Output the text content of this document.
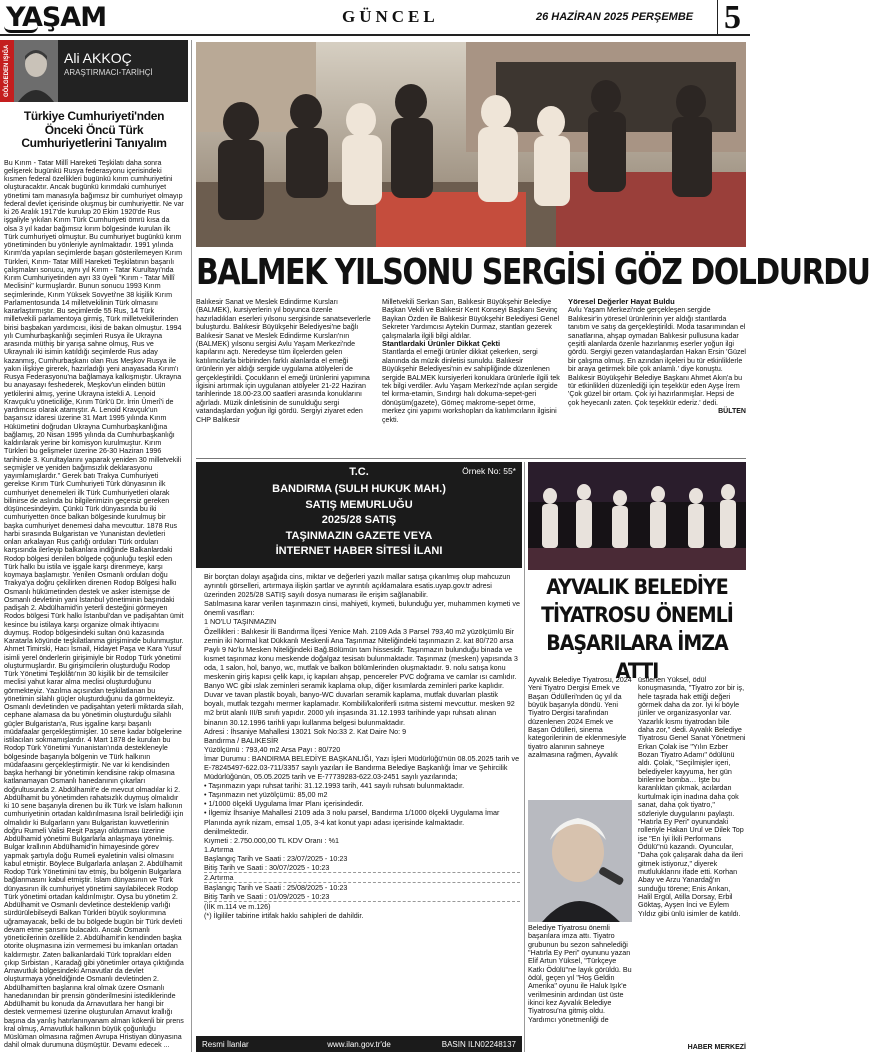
YAŞAM	GÜNCEL	26 HAZİRAN 2025 PERŞEMBE 5
GÖLGEDEN IŞIĞA	Ali AKKOÇ
ARAŞTIRMACI-TARİHÇİ
Türkiye Cumhuriyeti'nden Önceki Öncü Türk Cumhuriyetlerini Tanıyalım
Bu Kırım - Tatar Millî Hareketi Teşkilatı daha sonra gelişerek bugünkü Rusya federasyonu içerisindeki kısmen federal özellikleri bugünkü kırım cumhuriyetini oluşturacaktır. Ancak bugünkü kırımdaki cumhuriyet yönetimi tam manasıyla bağımsız bir cumhuriyet olmayıp federal devlet içerisinde oluşmuş bir cumhuriyettir. Ne var ki 26 Aralık 1917'de kurulup 20 Ekim 1920'de Rus işgaliyle yıkılan Kırım Türk Cumhuriyeti ömrü kısa da olsa 3 yıl kadar bağımsız kırım bölgesinde kurulan ilk Türk cumhuriyeti olmuştur. Bu cumhuriyet bugünkü kırım yönetiminden bu yönleriyle ayrılmaktadır. 1991 yılında Kırım'da yapılan seçimlerde başarı gösterilemeyen Kırım Türkleri, Kırım- Tatar Millî Hareketi Teşkilatının başarılı çalışmaları sonucu, aynı yıl Kırım - Tatar Kurultayı'nda Kırım Cumhuriyetinden ayrı 33 üyeli "Kırım - Tatar Millî Meclisini" kurmuşlardır. Bunun sonucu 1993 Kırım seçimlerinde, Kırım Yüksek Sovyeti'ne 38 kişilik Kırım Parlamentosunda 14 milletvekilinin Türk olmasını kararlaştırmıştır. Bu seçimlerde 55 Rus, 14 Türk milletvekili parlamentoya girmiş, Türk milletvekillerinden birisi başbakan yardımcısı, ikisi de bakan olmuştur. 1994 yılı Cumhurbaşkanlığı seçimleri Rusya ile Ukrayna arasında müthiş bir yarışa sahne olmuş, Rus ve Ukraynalı iki isimin katıldığı seçimlerde Rus aday kazanmış, Cumhurbaşkanı olan Rus Meşkov Rusya ile yakın ilişkiye girerek, hazırladığı yeni anayasada Kırım'ı Rusya Federasyonu'na bağlamaya kalkışmıştır. Ukrayna bu anayasayı feshederek, Meşkov'un elinden bütün yetkilerini almış, yerine Ukrayna istekli A. Lenoid Kravçuk'u yöneticiliğe, Kırım Türk'ü Dr. İrrin Ümerî'i de yardımcısı olarak atamıştır. A. Lenoid Kravçuk'un başarısız idaresi üzerine 31 Mart 1995 yılında Kırım Hükümetini doğrudan Ukrayna Cumhurbaşkanlığına bağlamış, 20 Nisan 1995 yılında da Cumhurbaşkanlığı kaldırılarak yerine bir komisyon kurulmuştur. Kırım Türkleri bu gelişmeler üzerine 26-30 Haziran 1996 tarihinde 3. Kurultaylarını yaparak yeniden 30 milletvekili seçmişler ve yeniden bağımsızlık deklarasyonu yayımlamışlardır." Gerek batı Trakya Cumhuriyeti gerekse Kırım Türk Cumhuriyeti Türk dünyasının ilk cumhuriyet denemeleri ilk Türk Cumhuriyetleri olarak bilinirse de aslında bu bilgilerimizin geçersiz gereken düşüncesindeyim. Çünkü Türk dünyasında bu iki cumhuriyetten önce balkan bölgesinde kurulmuş bir başka cumhuriyet denemesi daha mevcuttur. 1878 Rus harbi sırasında Bulgaristan ve Yunanistan devletleri onları arkalayan Rus çarlığı orduları Türk orduları karşısında ilerleyip balkanlara indiğinde Balkanlardaki Rodop bölgesi denilen bölgede çoğunluğu teşkil eden Türk halkı bu istila ve işgale karşı direnmeye, karşı koymaya başlamıştır. Yenilen Osmanlı orduları doğu Trakya'ya doğru çekilirken direnen Rodop Bölgesi halkı Osmanlı hükümetinden destek ve asker istemişse de Osmanlı devletinin yani İstanbul yönetiminin başındaki padişah 2. Abdülhamid'in yeterli desteğini görmeyen Rodos bölgesi Türk halkı İstanbul'dan ve padişahtan ümit kesince bu istilaya karşı organize olmak ihtiyacını duymuş. Rodop bölgesindeki sultan önü kazasında Karatarla köyünde teşkilatlanma girişiminde bulunmuştur. Ahmet Timirski, Hacı İsmail, Hidayet Paşa ve Kara Yusuf isimli yerel önderlerin girişimiyle bir Rodop Türk yönetimi oluşturmuşlardır. Bu girişimcilerin oluşturduğu Rodop Türk Yönetimi Teşkilâtı'nın 30 kişilik bir de temsilciler meclisi yahut karar alma meclisi oluşturduğunu görmekteyiz. Yazılma açısından teşkilatlanan bu yönetimin silahlı güçler oluşturduğunu da görmekteyiz. Osmanlı devletinden ve padişahtan yeterli miktarda silah, cephane alamasa da bu yönetimin oluşturduğu silahlı güçler Bulgaristan'a, Rus işgaline karşı başarılı müdafaalar gerçekleştirmişler. 10 sene kadar bölgelerine istilacıları sokmamışlardır. 4 Mart 1878 de kurulan bu Rodop Türk Yönetimi Yunanistan'ında destekleneyle bölgesinde başarıyla bölgenin ve Türk halkının müdafaasını gerçekleştirmiştir. Ne var ki kendisinden başka herhangi bir yönetimin kendisine rakip olmasına katlanamayan Osmanlı hanedanının çıkarları doğrultusunda 2. Abdülhamit'e de mevcut olmadılar ki 2. Abdülhamit bu yönetimden rahatsızlık duymuş olmalıdır ki 10 sene başarıyla direnen bu ilk Türk ve İslam halkının cumhuriyetinin ortadan kaldırılmasına İsrail belirlediği için olmalıdır ki Bulgarların yanı Bulgaristan kuvvetlerinin doğru Rumeli Valisi Reşit Paşayı oldurması üzerine Abdülhamid yönetimi Bulgarlarla anlaşmaya yönelmiş. Bulgar krallının Abdülhamid'in himayesinde görev yapmak şartıyla doğu Rumeli eyaletinin valisi olmasını kabul etmiştir. Böylece Bulgarlarla anlaşan 2. Abdülhamit Rodop Türk Yönetimini tav etmiş, bu bölgenin Bulgarlara bağlanmasını kabul etmiştir. İslam dünyasının ve Türk dünyasının ilk cumhuriyet yönetimi sayılabilecek Rodop Türk yönetimi ortadan kaldırılmıştır. Oysa bu yönetim 2. Abdülhamit ve Osmanlı devletince desteklenip varlığı sürdürülebilseydi Balkan Türkleri büyük soykırımına uğramayacak, belki de bu bölgede bugün bir Türk devleti devam etme şansını bulacaktı. Ancak Osmanlı yöneticilerinin özellikle 2. Abdülhamit'in kendinden başka otorite oluşmasına izin vermemesi bu imkanları ortadan kaldırmıştır. Zaten balkanlardaki Türk toprakları elden çıkıp Sırbistan , Karadağ gibi yönetimler ortaya çıktığında Arnavutluk bölgesindeki Arnavutlar da devlet oluşturmaya yöneldiğinde Osmanlı devletinden 2. Abdülhamit'ten başlarına kral olmak üzere Osmanlı hanedanından bir prensin gönderilmesini istediklerinde Abdülhamit bu konuda da Arnavutlara her hangi bir destek vermemesi üzerine oluşturulan Arnavut krallığı başına da yarılış hatırlanınyanam alman kökenli bir prens kral olmuş, Arnavutluk halkının büyük çoğunluğu Müslüman olmasına rağmen Avrupa Hristiyan dünyasına dahil olmak durumuna düşmüştür. Devamı edecek ...
BALMEK YILSONU SERGİSİ GÖZ DOLDURDU
Balıkesir Sanat ve Meslek Edindirme Kursları (BALMEK), kursiyerlerin yıl boyunca özenle hazırladıkları eserleri yılsonu sergisinde sanatseverlerle buluşturdu. Balıkesir Büyükşehir Belediyesi'ne bağlı Balıkesir Sanat ve Meslek Edindirme Kursları'nın (BALMEK) yılsonu sergisi Avlu Yaşam Merkezi'nde kapılarını açtı. Neredeyse tüm ilçelerden gelen katılımcılarla birbirinden farklı alanlarda el emeği ürünlerin yer aldığı sergide uygulama atölyeleri de gerçekleştirildi. Çocukların el emeği ürünlerini yapımına ilgisini artırmak için uygulanan atölyeler 21-22 Haziran tarihlerinde 18.00-23.00 saatleri arasında konuklarını ağırladı. Müzik dinletisinin de sunulduğu sergi vatandaşlardan yoğun ilgi gördü. Sergiyi ziyaret eden CHP Balıkesir
Milletvekili Serkan Sarı, Balıkesir Büyükşehir Belediye Başkan Vekili ve Balıkesir Kent Konseyi Başkanı Sevinç Baykan Özden ile Balıkesir Büyükşehir Belediyesi Genel Sekreter Yardımcısı Aytekin Durmaz, stantları gezerek çalışmalarla ilgili bilgi aldılar.
Stantlardaki Ürünler Dikkat Çekti
Stantlarda el emeği ürünler dikkat çekerken, sergi alanında da müzik dinletisi sunuldu. Balıkesir Büyükşehir Belediyesi'nin ev sahipliğinde düzenlenen sergide BALMEK kursiyerleri konuklara ürünlerle ilgili tek tek bilgi verdiler. Avlu Yaşam Merkezi'nde açılan sergide tel kırma-etamin, Sındırgı halı dokuma-sepet-geri dönüşüm(gazete), Gömeç makrome-sepet örme, merkez çini yapımı workshopları da katılımcıların ilgisini çekti.
Yöresel Değerler Hayat Buldu
Avlu Yaşam Merkezi'nde gerçekleşen sergide Balıkesir'in yöresel ürünlerinin yer aldığı stantlarda tanıtım ve satış da gerçekleştirildi. Moda tasarımından el sanatlarına, ahşap oymadan Balıkesir pullusuna kadar çeşitli alanlarda özenle hazırlanmış eserler yoğun ilgi gördü. Sergiyi gezen vatandaşlardan Hakan Ersin 'Güzel bir çalışma olmuş. En azından ilçeleri bu tür etkinliklerle bir araya getirmek bile çok anlamlı.' diye konuştu. Balıkesir Büyükşehir Belediye Başkanı Ahmet Akın'a bu tür etkinlikleri düzenlediği için teşekkür eden Ayşe İrem 'Çok güzel bir ortam. Çok iyi hazırlanmışlar. Hepsi de çok heyecanlı zaten. Çok teşekkür ederiz.' dedi.
BÜLTEN
T.C.	Örnek No: 55*
BANDIRMA (SULH HUKUK MAH.)
SATIŞ MEMURLUĞU
2025/28 SATIŞ
TAŞINMAZIN GAZETE VEYA
İNTERNET HABER SİTESİ İLANI
Bir borçtan dolayı aşağıda cins, miktar ve değerleri yazılı mallar satışa çıkarılmış olup mahcuzun ayrıntılı görselleri, artırmaya ilişkin şartlar ve ayrıntılı açıklamalara esatis.uyap.gov.tr adresi üzerinden 2025/28 SATIŞ sayılı dosya numarası ile erişim sağlanabilir.
Satılmasına karar verilen taşınmazın cinsi, mahiyeti, kıymeti, bulunduğu yer, muhammen kıymeti ve önemli vasıfları:
1 NO'LU TAŞINMAZIN
Özellikleri : Balıkesir İli Bandırma İlçesi Yenice Mah. 2109 Ada 3 Parsel 793,40 m2 yüzölçümlü Bir zemin iki Normal kat Dükkanlı Meskenli Ana Taşınmaz Niteliğindeki taşınmazın 2. kat 80/720 arsa Paylı 9 No'lu Mesken Niteliğindeki Bağ.Bölümün tam hissesidir. Taşınmazın bulunduğu binada ve kısmet taşınmaz konu meskende doğalgaz tesisatı bulunmaktadır. Taşınmaz (mesken) yapısında 3 oda, 1 salon, hol, banyo, wc, mutfak ve balkon bölümlerinden oluşmaktadır. 9. nolu satışa konu meskenin giriş kapısı çelik kapı, iç kapıları ahşap, pencereler PVC doğrama ve camlar ısı camlıdır. Banyo WC gibi ıslak zeminleri seramik kaplama olup, diğer kısımlarda zeminleri parke kaplıdır. Duvar ve tavan plastik boyalı, banyo-WC duvarları seramik kaplama, mutfak duvarları plastik boyalı, mutfak tezgahı mermer kaplamadır. Kombili/kaloriferli ısıtma sistemi mevcuttur. mesken 92 m2 brüt alanlı III/B sınıfı yapıdır. 2000 yılı inşasında 31.12.1993 tarihinde yapı ruhsatı alınan binanın 30.12.1996 tarihli yapı kullanma belgesi bulunmaktadır.
Adresi : İhsaniye Mahallesi 13021 Sok No:33 2. Kat Daire No: 9
Bandırma / BALIKESİR
Yüzölçümü : 793,40 m2 Arsa Payı : 80/720
İmar Durumu : BANDIRMA BELEDİYE BAŞKANLIĞI, Yazı İşleri Müdürlüğü'nün 08.05.2025 tarih ve E-78245497-622.03-711/3357 sayılı yazıları ile Bandırma Belediye Başkanlığı İmar ve Şehircilik Müdürlüğünün, 05.05.2025 tarih ve E-77739283-622.03-2451 sayılı yazılarında;
• Taşınmazın yapı ruhsat tarihi: 31.12.1993 tarih, 441 sayılı ruhsatı bulunmaktadır.
• Taşınmazın net yüzölçümü: 85,00 m2
• 1/1000 ölçekli Uygulama İmar Planı içerisindedir.
• İlgemiz İhsaniye Mahallesi 2109 ada 3 nolu parsel, Bandırma 1/1000 ölçekli Uygulama İmar Planında ayrık nizam, emsal 1,05, 3-4 kat konut yapı adası içerisinde kalmaktadır.
denilmektedir.
Kıymeti : 2.750.000,00 TL KDV Oranı : %1
1.Artırma
Başlangıç Tarih ve Saati : 23/07/2025 - 10:23
Bitiş Tarih ve Saati : 30/07/2025 - 10:23
2.Artırma
Başlangıç Tarih ve Saati : 25/08/2025 - 10:23
Bitiş Tarih ve Saati : 01/09/2025 - 10:23
(İİK m.114 ve m.126)
(*) İlgililer tabirine irtifak hakkı sahipleri de dahildir.
Resmi İlanlar	www.ilan.gov.tr'de	BASIN ILN02248137
AYVALIK BELEDİYE TİYATROSU ÖNEMLİ BAŞARILARA İMZA ATTI
Ayvalık Belediye Tiyatrosu, 2024 Yeni Tiyatro Dergisi Emek ve Başarı Ödülleri'nden üç yıl da büyük başarıyla döndü. Yeni Tiyatro Dergisi tarafından düzenlenen 2024 Emek ve Başarı Ödülleri, sinema kategorilerinin de eklenmesiyle tiyatro alanının sahneye azalmasına rağmen, Ayvalık
Belediye Tiyatrosu önemli başarılara imza attı. Tiyatro grubunun bu sezon sahnelediği "Hatırla Ey Peri" oyununu yazan Elif Artun Yüksel, "Türkçeye Katkı Ödülü"ne layık görüldü. Bu ödül, geçen yıl "Hoş Geldin Amerika" oyunu ile Haluk Işık'e verilmesinin ardından üst üste ikinci kez Ayvalık Belediye Tiyatrosu'na gitmiş oldu. Yardımcı yönetmenliği de
üstlenen Yüksel, ödül konuşmasında, "Tiyatro zor bir iş, hele taşrada hak ettiği değeri görmek daha da zor. İyi ki böyle jüriler ve organizasyonlar var. Yazarlık kısmı tiyatrodan bile daha zor," dedi. Ayvalık Belediye Tiyatrosu Genel Sanat Yönetmeni Erkan Çolak ise "Yılın Ezber Bozan Tiyatro Adamı" ödülünü aldı. Çolak, "Seçilmişler içeri, belediyeler kayyuma, her gün birilerine bomba… İşte bu karanlıktan çıkmak, acılardan kurtulmak için inadına daha çok sanat, daha çok tiyatro," sözleriyle duygularını paylaştı. "Hatırla Ey Peri" oyunundaki rolleriyle Hakan Urul ve Dilek Top ise "En İyi İkili Performans Ödülü"nü kazandı. Oyuncular, "Daha çok çalışarak daha da ileri gitmek istiyoruz," diyerek mutluluklarını ifade etti. Korhan Abay ve Arzu Yanardağ'ın sunduğu törene; Enis Arıkan, Halil Ergül, Atilla Dorsay, Erbil Göktaş, Ayşen İnci ve Eylem Yıldız gibi ünlü isimler de katıldı.
HABER MERKEZİ
